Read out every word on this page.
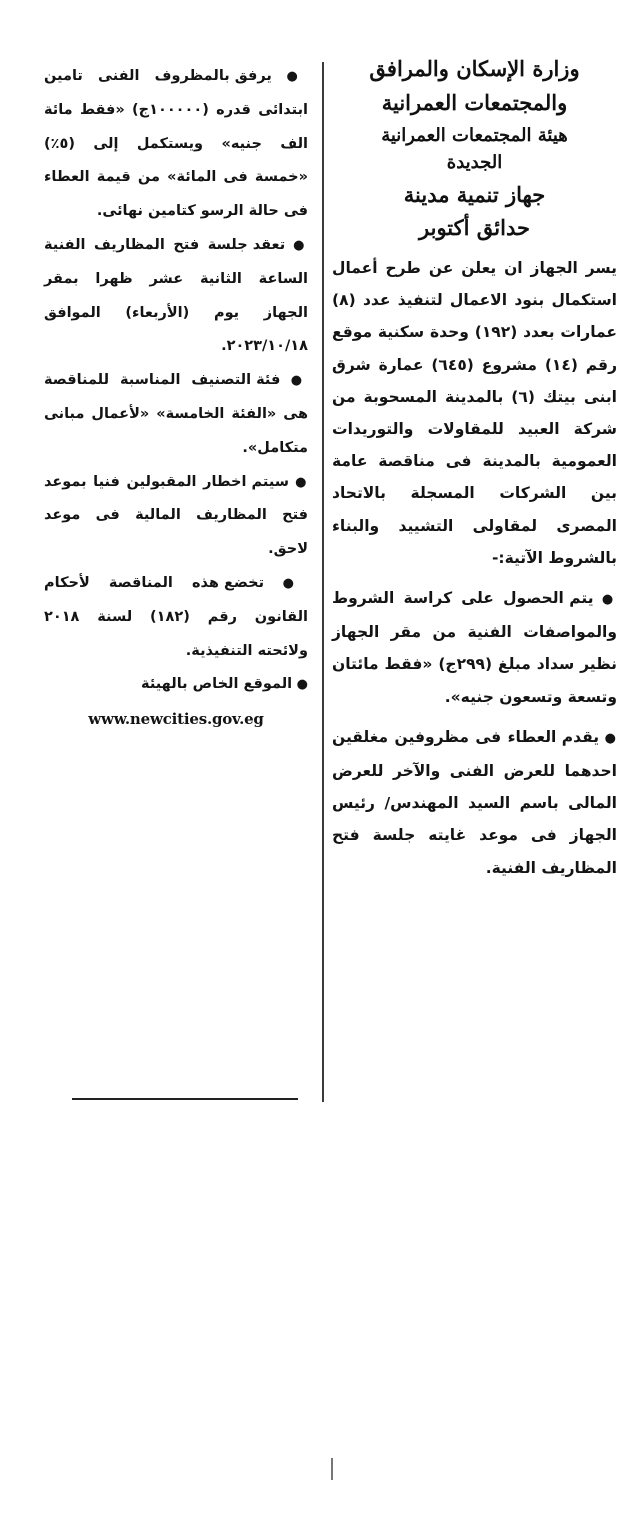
وزارة الإسكان والمرافق
والمجتمعات العمرانية
هيئة المجتمعات العمرانية
الجديدة
جهاز تنمية مدينة
حدائق أكتوبر

يسر الجهاز ان يعلن عن طرح أعمال استكمال بنود الاعمال لتنفيذ عدد (٨) عمارات بعدد (١٩٢) وحدة سكنية موقع رقم (١٤) مشروع (٦٤٥) عمارة شرق ابنى بيتك (٦) بالمدينة المسحوبة من شركة العبيد للمقاولات والتوريدات العمومية بالمدينة فى مناقصة عامة بين الشركات المسجلة بالاتحاد المصرى لمقاولى التشييد والبناء بالشروط الآتية:-

● يتم الحصول على كراسة الشروط والمواصفات الفنية من مقر الجهاز نظير سداد مبلغ (٢٩٩ج) «فقط مائتان وتسعة وتسعون جنيه».

● يقدم العطاء فى مظروفين مغلقين احدهما للعرض الفنى والآخر للعرض المالى باسم السيد المهندس/ رئيس الجهاز فى موعد غايته جلسة فتح المظاريف الفنية.

● يرفق بالمظروف الفنى تامين ابتدائى قدره (١٠٠٠٠٠ج) «فقط مائة الف جنيه» ويستكمل إلى (٥٪) «خمسة فى المائة» من قيمة العطاء فى حالة الرسو كتامين نهائى.

● تعقد جلسة فتح المظاريف الفنية الساعة الثانية عشر ظهرا بمقر الجهاز يوم (الأربعاء) الموافق ٢٠٢٣/١٠/١٨.

● فئة التصنيف المناسبة للمناقصة هى «الفئة الخامسة» «لأعمال مبانى متكامل».

● سيتم اخطار المقبولين فنيا بموعد فتح المظاريف المالية فى موعد لاحق.

● تخضع هذه المناقصة لأحكام القانون رقم (١٨٢) لسنة ٢٠١٨ ولائحته التنفيذية.

● الموقع الخاص بالهيئة

www.newcities.gov.eg
